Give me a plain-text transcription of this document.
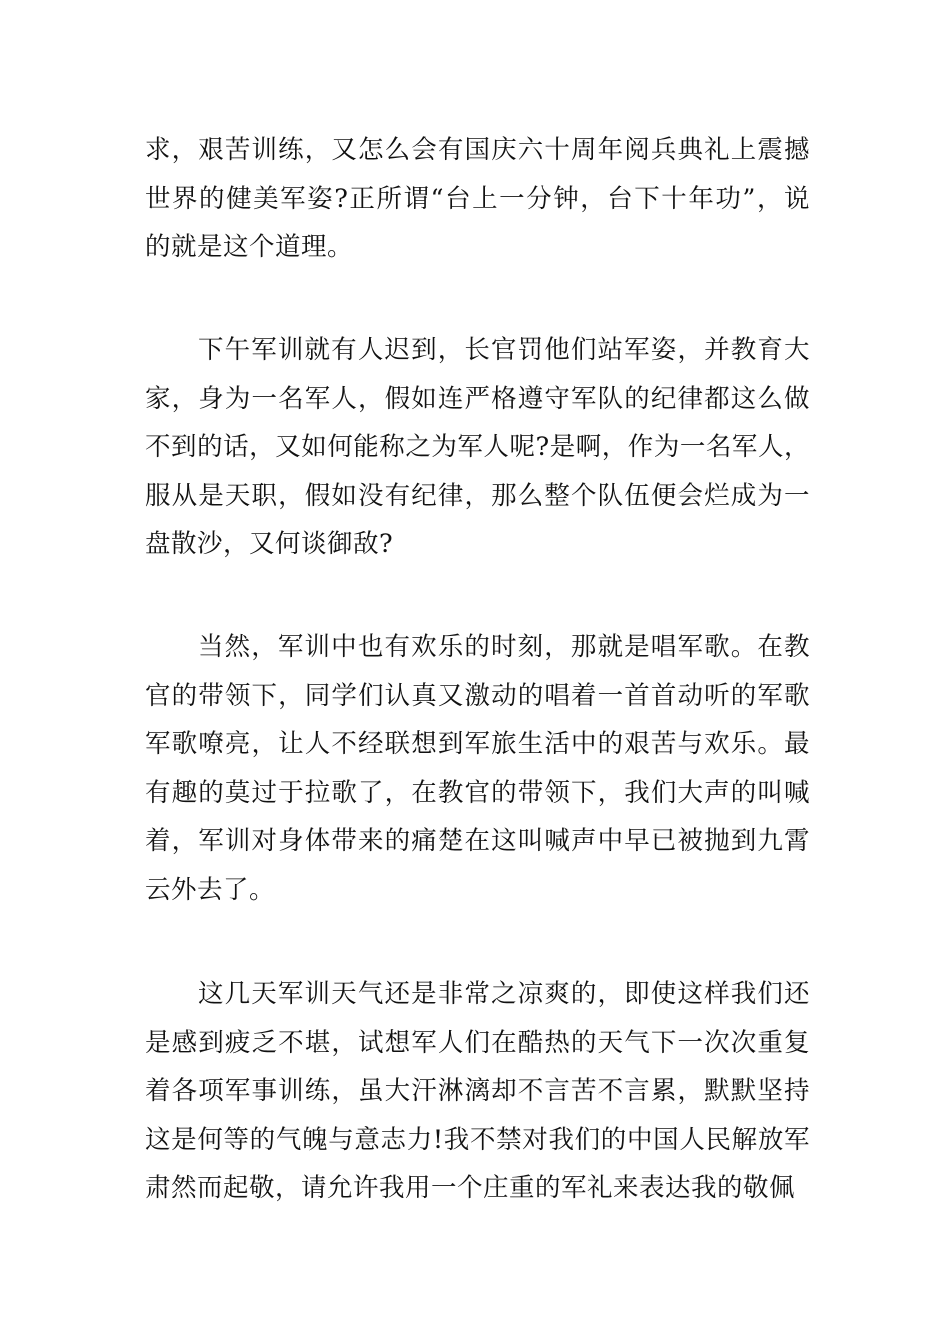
求，艰苦训练，又怎么会有国庆六十周年阅兵典礼上震撼世界的健美军姿?正所谓“台上一分钟，台下十年功”，说的就是这个道理。

下午军训就有人迟到，长官罚他们站军姿，并教育大家，身为一名军人，假如连严格遵守军队的纪律都这么做不到的话，又如何能称之为军人呢?是啊，作为一名军人，服从是天职，假如没有纪律，那么整个队伍便会烂成为一盘散沙，又何谈御敌?

当然，军训中也有欢乐的时刻，那就是唱军歌。在教官的带领下，同学们认真又激动的唱着一首首动听的军歌军歌嘹亮，让人不经联想到军旅生活中的艰苦与欢乐。最有趣的莫过于拉歌了，在教官的带领下，我们大声的叫喊着，军训对身体带来的痛楚在这叫喊声中早已被抛到九霄云外去了。

这几天军训天气还是非常之凉爽的，即使这样我们还是感到疲乏不堪，试想军人们在酷热的天气下一次次重复着各项军事训练，虽大汗淋漓却不言苦不言累，默默坚持这是何等的气魄与意志力!我不禁对我们的中国人民解放军肃然而起敬，请允许我用一个庄重的军礼来表达我的敬佩
